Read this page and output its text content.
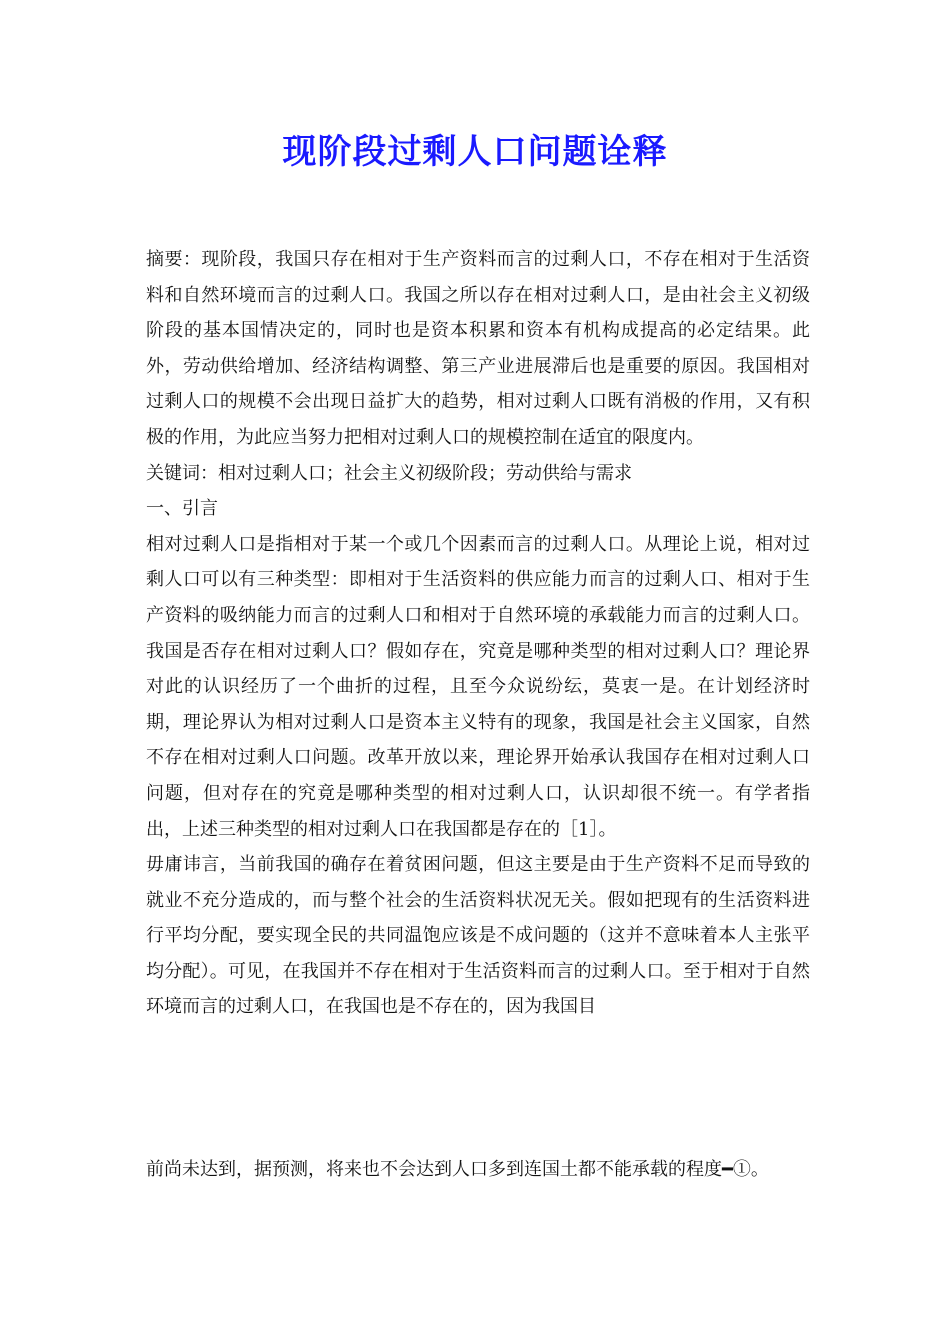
现阶段过剩人口问题诠释

摘要：现阶段，我国只存在相对于生产资料而言的过剩人口，不存在相对于生活资料和自然环境而言的过剩人口。我国之所以存在相对过剩人口，是由社会主义初级阶段的基本国情决定的，同时也是资本积累和资本有机构成提高的必定结果。此外，劳动供给增加、经济结构调整、第三产业进展滞后也是重要的原因。我国相对过剩人口的规模不会出现日益扩大的趋势，相对过剩人口既有消极的作用，又有积极的作用，为此应当努力把相对过剩人口的规模控制在适宜的限度内。

关键词：相对过剩人口；社会主义初级阶段；劳动供给与需求

一、引言

相对过剩人口是指相对于某一个或几个因素而言的过剩人口。从理论上说，相对过剩人口可以有三种类型：即相对于生活资料的供应能力而言的过剩人口、相对于生产资料的吸纳能力而言的过剩人口和相对于自然环境的承载能力而言的过剩人口。我国是否存在相对过剩人口？假如存在，究竟是哪种类型的相对过剩人口？理论界对此的认识经历了一个曲折的过程，且至今众说纷纭，莫衷一是。在计划经济时期，理论界认为相对过剩人口是资本主义特有的现象，我国是社会主义国家，自然不存在相对过剩人口问题。改革开放以来，理论界开始承认我国存在相对过剩人口问题，但对存在的究竟是哪种类型的相对过剩人口，认识却很不统一。有学者指出，上述三种类型的相对过剩人口在我国都是存在的［1］。

毋庸讳言，当前我国的确存在着贫困问题，但这主要是由于生产资料不足而导致的就业不充分造成的，而与整个社会的生活资料状况无关。假如把现有的生活资料进行平均分配，要实现全民的共同温饱应该是不成问题的（这并不意味着本人主张平均分配）。可见，在我国并不存在相对于生活资料而言的过剩人口。至于相对于自然环境而言的过剩人口，在我国也是不存在的，因为我国目

前尚未达到，据预测，将来也不会达到人口多到连国土都不能承载的程度━①。
